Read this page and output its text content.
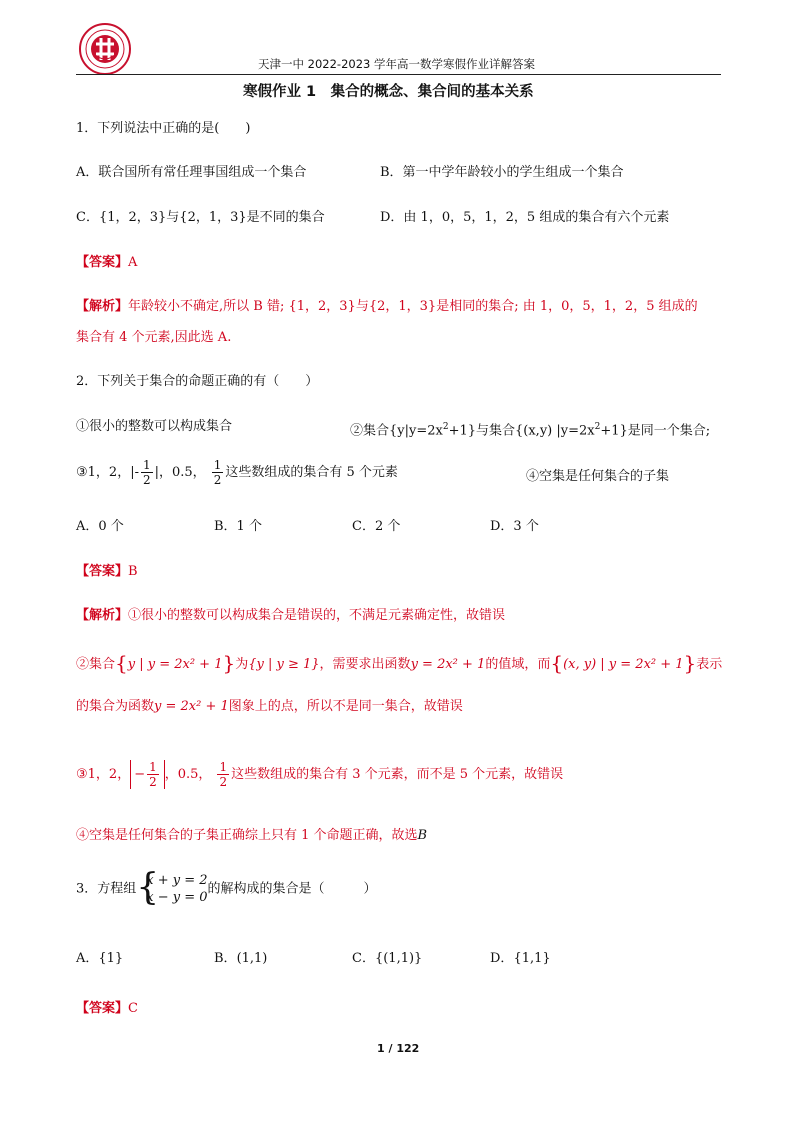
天津一中 2022-2023 学年高一数学寒假作业详解答案
寒假作业 1　集合的概念、集合间的基本关系
1．下列说法中正确的是(　　)
A．联合国所有常任理事国组成一个集合	B．第一中学年龄较小的学生组成一个集合
C．{1，2，3}与{2，1，3}是不同的集合	D．由 1，0，5，1，2，5 组成的集合有六个元素
【答案】A
【解析】年龄较小不确定,所以 B 错; {1，2，3}与{2，1，3}是相同的集合; 由 1，0，5，1，2，5 组成的
集合有 4 个元素,因此选 A.
2．下列关于集合的命题正确的有（　　）
①很小的整数可以构成集合	②集合$\{y|y=2x^2+1\}$与集合{(x,y) $|y=2x^2+1$}是同一个集合;
③1，2，|- $\frac{1}{2}$ |，0.5， $\frac{1}{2}$ 这些数组成的集合有 5 个元素	④空集是任何集合的子集
A．0 个	B．1 个	C．2 个	D．3 个
【答案】B
【解析】①很小的整数可以构成集合是错误的，不满足元素确定性，故错误
②集合{y | y = 2x² + 1}为{y | y ≥ 1}，需要求出函数y = 2x² + 1的值域，而{(x, y) | y = 2x² + 1}表示
的集合为函数y = 2x² + 1图象上的点，所以不是同一集合，故错误
③1，2， − $\frac{1}{2}$ ，0.5， $\frac{1}{2}$ 这些数组成的集合有 3 个元素，而不是 5 个元素，故错误
④空集是任何集合的子集正确综上只有 1 个命题正确，故选B
3．方程组 {
x + y = 2
x − y = 0
的解构成的集合是（　　　）
A．{1}	B．(1,1)	C．{(1,1)}	D．{1,1}
【答案】C
1 / 122
